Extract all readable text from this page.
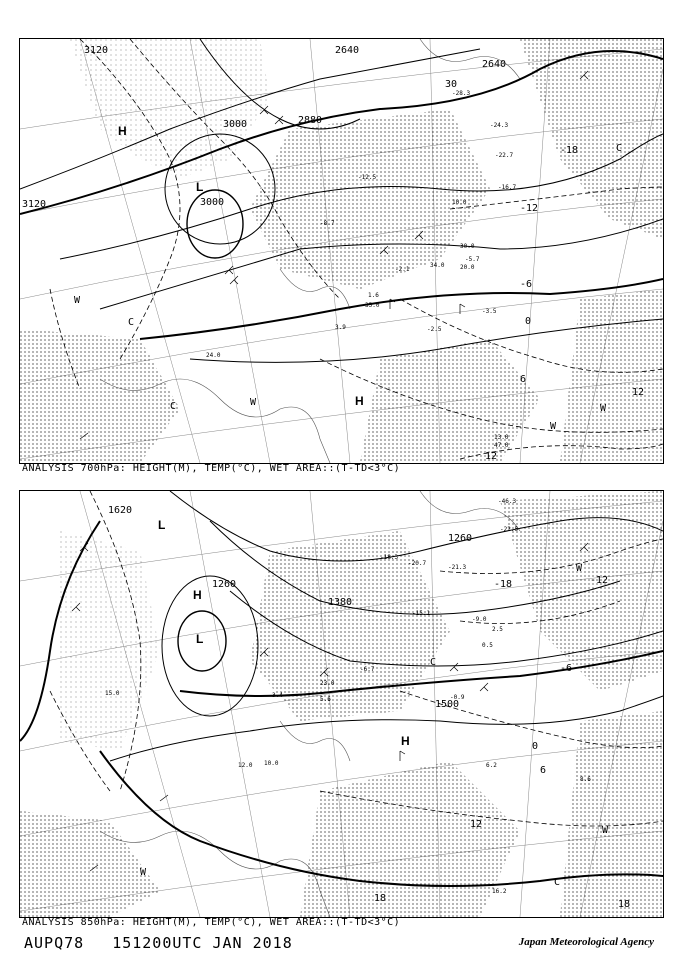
3120
3120
3000
3000
2880
2640
2640
-18
-12
-6
0
6
12
12
30
H
L
H
C
C
W
W
W
W
C
-28.3
-24.3
-22.7
-16.7
-12.5
-8.7
-5.7
-3.5
-2.5
-2.1
1.6
3.9
10.0
13.0
20.0
24.0
30.0
34.0
35.0
47.0
ANALYSIS 700hPa: HEIGHT(M), TEMP(°C), WET AREA::(T-TD<3°C)
1620
1260
1380
1260
1500
-18	-12
-6
0
6
12
18
18
L
H
L
H
W
W
C
C
W
-46.3
-22.5
-21.3
-20.7
-18.3
-15.1
-9.0
-6.7
-0.9
0.5
2.5
3.4
5.6
6.2
8.6
10.0
12.0
15.0
16.2
23.0
ANALYSIS 850hPa: HEIGHT(M), TEMP(°C), WET AREA::(T-TD<3°C)
AUPQ78 151200UTC JAN 2018	Japan Meteorological Agency
